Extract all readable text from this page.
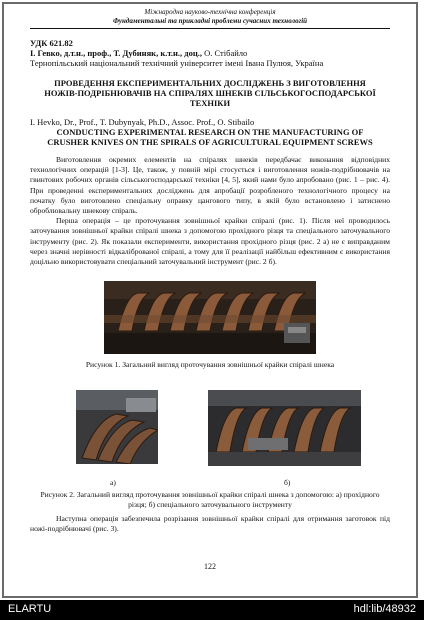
Міжнародна науково-технічна конференція
Фундаментальні та прикладні проблеми сучасних технологій
УДК 621.82
І. Гевко, д.т.н., проф., Т. Дубиняк, к.т.н., доц., О. Стібайло
Тернопільський національний технічний університет імені Івана Пулюя, Україна
ПРОВЕДЕННЯ ЕКСПЕРИМЕНТАЛЬНИХ ДОСЛІДЖЕНЬ З ВИГОТОВЛЕННЯ НОЖІВ-ПОДРІБНЮВАЧІВ НА СПІРАЛЯХ ШНЕКІВ СІЛЬСЬКОГОСПОДАРСЬКОЇ ТЕХНІКИ
I. Hevko, Dr., Prof., T. Dubynyak, Ph.D., Assoc. Prof., O. Stibailo
CONDUCTING EXPERIMENTAL RESEARCH ON THE MANUFACTURING OF CRUSHER KNIVES ON THE SPIRALS OF AGRICULTURAL EQUIPMENT SCREWS

Виготовлення окремих елементів на спіралях шнеків передбачає виконання відповідних технологічних операцій [1-3]. Це, також, у повній мірі стосується і виготовлення ножів-подрібнювачів на гвинтових робочих органів сільськогосподарської техніки [4, 5], який нами було апробовано (рис. 1 – рис. 4). При проведенні експериментальних досліджень для апробації розробленого технологічного процесу на початку було виготовлено спеціальну оправку цангового типу, в якій було встановлено і затиснено оброблювальну шнекову спіраль.

Перша операція – це проточування зовнішньої крайки спіралі (рис. 1). Після неї проводилось заточування зовнішньої крайки спіралі шнека з допомогою прохідного різця та спеціального заточувального інструменту (рис. 2). Як показали експерименти, використання прохідного різця (рис. 2 а) не є виправданим через значні нерівності відкаліброваної спіралі, а тому для її реалізації найбільш ефективним є використання доцільно використовувати спеціальний заточувальний інструмент (рис. 2 б).

Рисунок 1. Загальний вигляд проточування зовнішньої крайки спіралі шнека
а)	б)
Рисунок 2. Загальний вигляд проточування зовнішньої крайки спіралі шнека з допомогою: а) прохідного різця; б) спеціального заточувального інструменту

Наступна операція забезпечила розрізання зовнішньої крайки спіралі для отримання заготовок під ножі-подрібнювачі (рис. 3).

122
ELARTU	hdl:lib/48932
